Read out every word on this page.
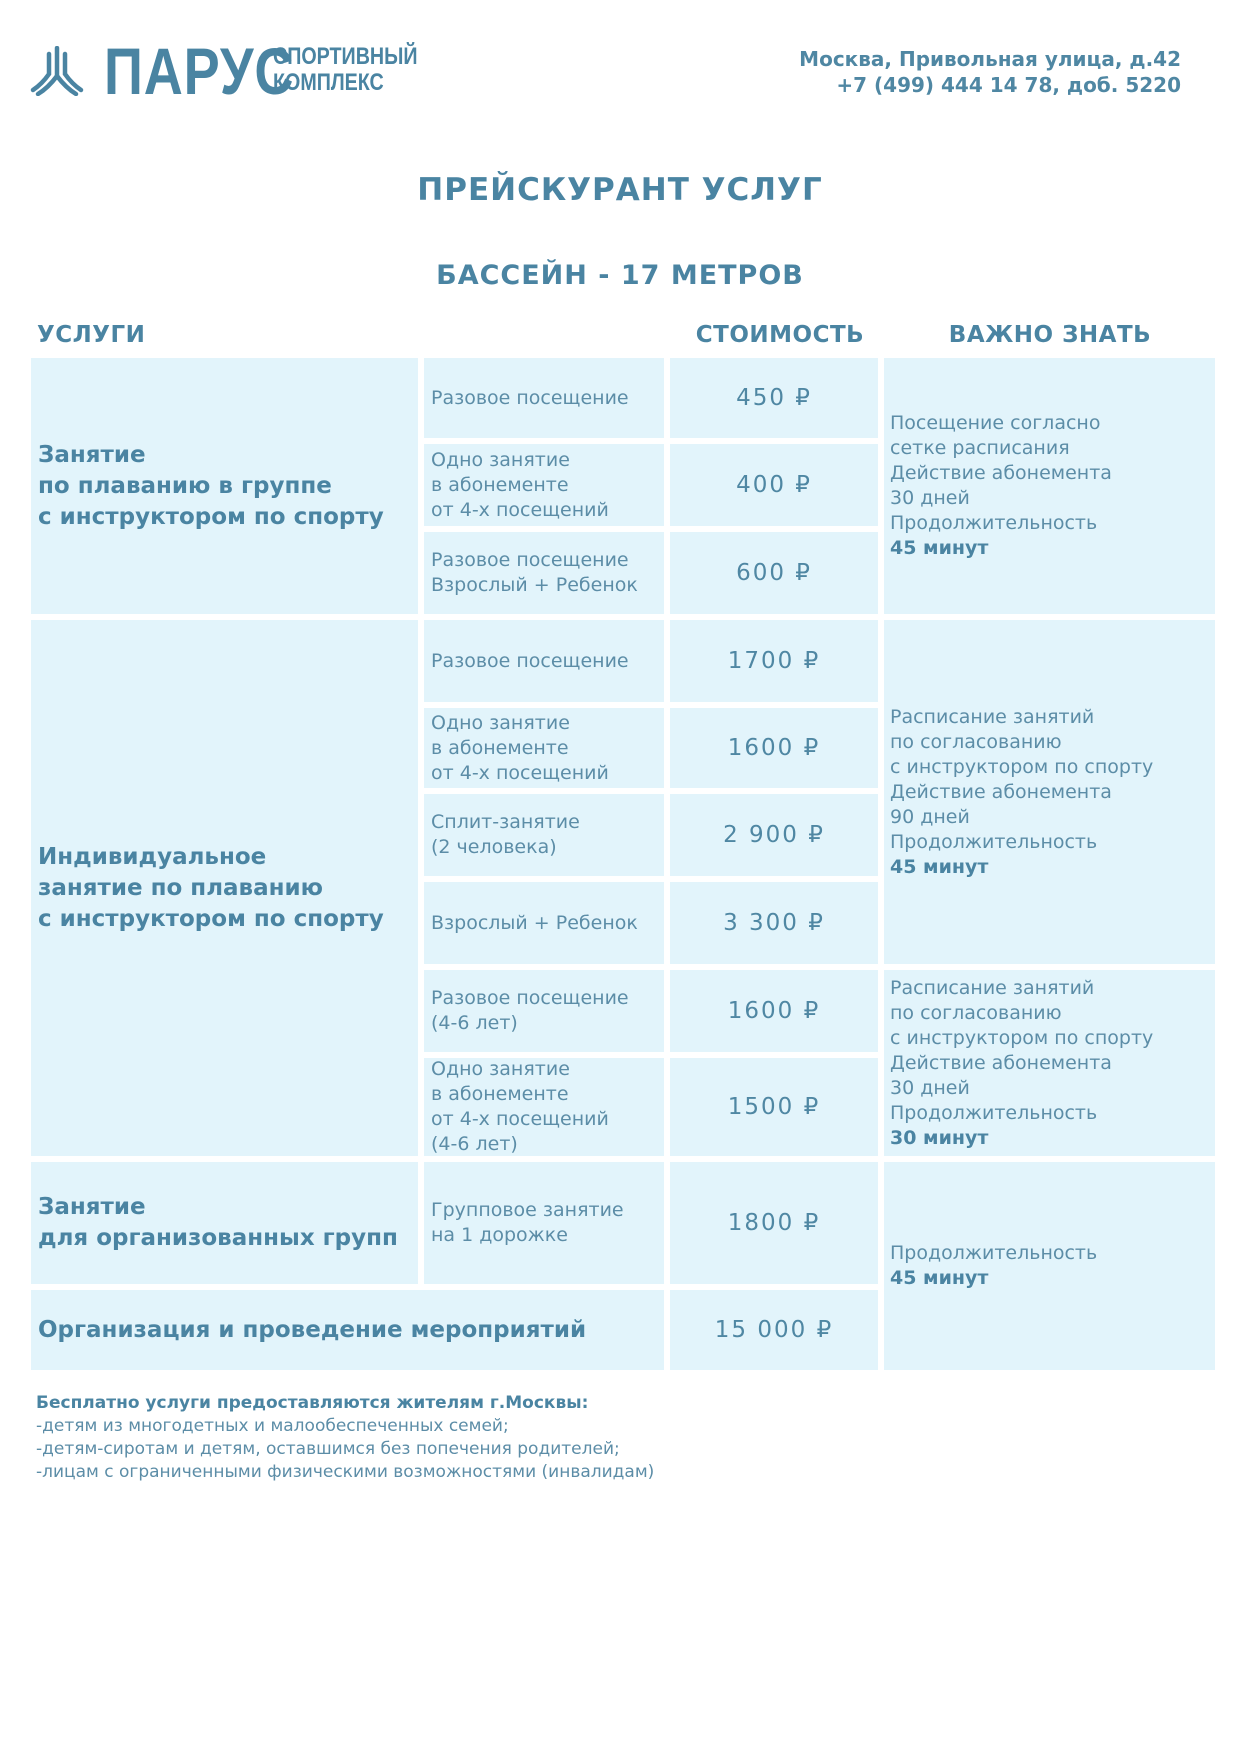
ПАРУС
СПОРТИВНЫЙ
КОМПЛЕКС
Москва, Привольная улица, д.42
+7 (499) 444 14 78, доб. 5220
ПРЕЙСКУРАНТ УСЛУГ
БАССЕЙН - 17 МЕТРОВ
УСЛУГИ	СТОИМОСТЬ	ВАЖНО ЗНАТЬ
Занятие
по плаванию в группе
с инструктором по спорту
Индивидуальное
занятие по плаванию
с инструктором по спорту
Занятие
для организованных групп
Организация и проведение мероприятий
Разовое посещение
Одно занятие
в абонементе
от 4-х посещений
Разовое посещение
Взрослый + Ребенок
Разовое посещение
Одно занятие
в абонементе
от 4-х посещений
Сплит-занятие
(2 человека)
Взрослый + Ребенок
Разовое посещение
(4-6 лет)
Одно занятие
в абонементе
от 4-х посещений
(4-6 лет)
Групповое занятие
на 1 дорожке
450 ₽
400 ₽
600 ₽
1700 ₽
1600 ₽
2 900 ₽
3 300 ₽
1600 ₽
1500 ₽
1800 ₽
15 000 ₽
Посещение согласно
сетке расписания
Действие абонемента
30 дней
Продолжительность
45 минут
Расписание занятий
по согласованию
с инструктором по спорту
Действие абонемента
90 дней
Продолжительность
45 минут
Расписание занятий
по согласованию
с инструктором по спорту
Действие абонемента
30 дней
Продолжительность
30 минут
Продолжительность
45 минут
Бесплатно услуги предоставляются жителям г.Москвы:
-детям из многодетных и малообеспеченных семей;
-детям-сиротам и детям, оставшимся без попечения родителей;
-лицам с ограниченными физическими возможностями (инвалидам)
